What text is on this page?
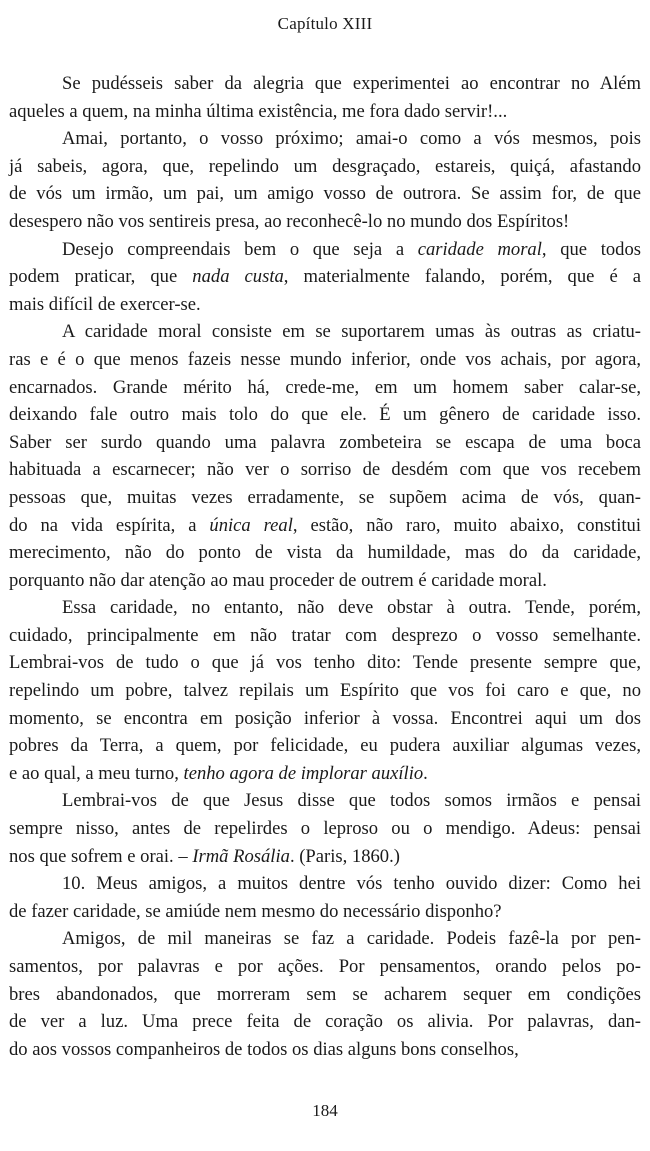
Capítulo XIII

Se pudésseis saber da alegria que experimentei ao encontrar no Além
aqueles a quem, na minha última existência, me fora dado servir!...

Amai, portanto, o vosso próximo; amai-o como a vós mesmos, pois
já sabeis, agora, que, repelindo um desgraçado, estareis, quiçá, afastando
de vós um irmão, um pai, um amigo vosso de outrora. Se assim for, de que
desespero não vos sentireis presa, ao reconhecê-lo no mundo dos Espíritos!

Desejo compreendais bem o que seja a caridade moral, que todos
podem praticar, que nada custa, materialmente falando, porém, que é a
mais difícil de exercer-se.

A caridade moral consiste em se suportarem umas às outras as criatu-
ras e é o que menos fazeis nesse mundo inferior, onde vos achais, por agora,
encarnados. Grande mérito há, crede-me, em um homem saber calar-se,
deixando fale outro mais tolo do que ele. É um gênero de caridade isso.
Saber ser surdo quando uma palavra zombeteira se escapa de uma boca
habituada a escarnecer; não ver o sorriso de desdém com que vos recebem
pessoas que, muitas vezes erradamente, se supõem acima de vós, quan-
do na vida espírita, a única real, estão, não raro, muito abaixo, constitui
merecimento, não do ponto de vista da humildade, mas do da caridade,
porquanto não dar atenção ao mau proceder de outrem é caridade moral.

Essa caridade, no entanto, não deve obstar à outra. Tende, porém,
cuidado, principalmente em não tratar com desprezo o vosso semelhante.
Lembrai-vos de tudo o que já vos tenho dito: Tende presente sempre que,
repelindo um pobre, talvez repilais um Espírito que vos foi caro e que, no
momento, se encontra em posição inferior à vossa. Encontrei aqui um dos
pobres da Terra, a quem, por felicidade, eu pudera auxiliar algumas vezes,
e ao qual, a meu turno, tenho agora de implorar auxílio.

Lembrai-vos de que Jesus disse que todos somos irmãos e pensai
sempre nisso, antes de repelirdes o leproso ou o mendigo. Adeus: pensai
nos que sofrem e orai. – Irmã Rosália. (Paris, 1860.)

10. Meus amigos, a muitos dentre vós tenho ouvido dizer: Como hei
de fazer caridade, se amiúde nem mesmo do necessário disponho?

Amigos, de mil maneiras se faz a caridade. Podeis fazê-la por pen-
samentos, por palavras e por ações. Por pensamentos, orando pelos po-
bres abandonados, que morreram sem se acharem sequer em condições
de ver a luz. Uma prece feita de coração os alivia. Por palavras, dan-
do aos vossos companheiros de todos os dias alguns bons conselhos,

184
